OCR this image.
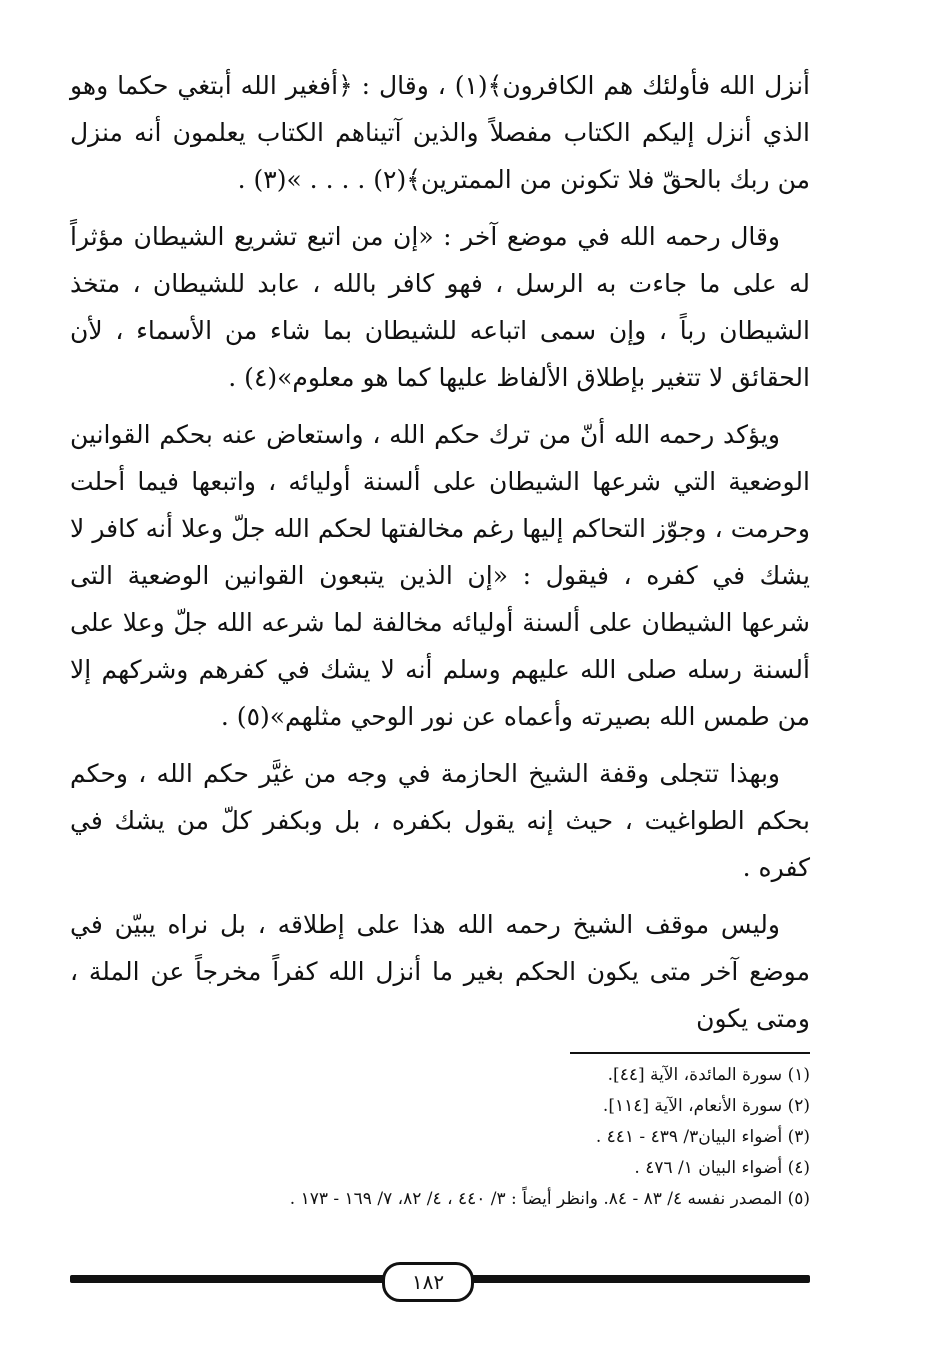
أنزل الله فأولئك هم الكافرون﴾(١) ، وقال : ﴿أفغير الله أبتغي حكما وهو الذي أنزل إليكم الكتاب مفصلاً والذين آتيناهم الكتاب يعلمون أنه منزل من ربك بالحقّ فلا تكونن من الممترين﴾(٢) . . . . »(٣) .

وقال رحمه الله في موضع آخر : «إن من اتبع تشريع الشيطان مؤثراً له على ما جاءت به الرسل ، فهو كافر بالله ، عابد للشيطان ، متخذ الشيطان رباً ، وإن سمى اتباعه للشيطان بما شاء من الأسماء ، لأن الحقائق لا تتغير بإطلاق الألفاظ عليها كما هو معلوم»(٤) .

ويؤكد رحمه الله أنّ من ترك حكم الله ، واستعاض عنه بحكم القوانين الوضعية التي شرعها الشيطان على ألسنة أوليائه ، واتبعها فيما أحلت وحرمت ، وجوّز التحاكم إليها رغم مخالفتها لحكم الله جلّ وعلا أنه كافر لا يشك في كفره ، فيقول : «إن الذين يتبعون القوانين الوضعية التى شرعها الشيطان على ألسنة أوليائه مخالفة لما شرعه الله جلّ وعلا على ألسنة رسله صلى الله عليهم وسلم أنه لا يشك في كفرهم وشركهم إلا من طمس الله بصيرته وأعماه عن نور الوحي مثلهم»(٥) .

وبهذا تتجلى وقفة الشيخ الحازمة في وجه من غيَّر حكم الله ، وحكم بحكم الطواغيت ، حيث إنه يقول بكفره ، بل وبكفر كلّ من يشك في كفره .

وليس موقف الشيخ رحمه الله هذا على إطلاقه ، بل نراه يبيّن في موضع آخر متى يكون الحكم بغير ما أنزل الله كفراً مخرجاً عن الملة ، ومتى يكون

(١) سورة المائدة، الآية [٤٤].
(٢) سورة الأنعام، الآية [١١٤].
(٣) أضواء البيان٣/ ٤٣٩ - ٤٤١ .
(٤) أضواء البيان ١/ ٤٧٦ .
(٥) المصدر نفسه ٤/ ٨٣ - ٨٤. وانظر أيضاً : ٣/ ٤٤٠ ، ٤/ ٨٢، ٧/ ١٦٩ - ١٧٣ .
١٨٢
